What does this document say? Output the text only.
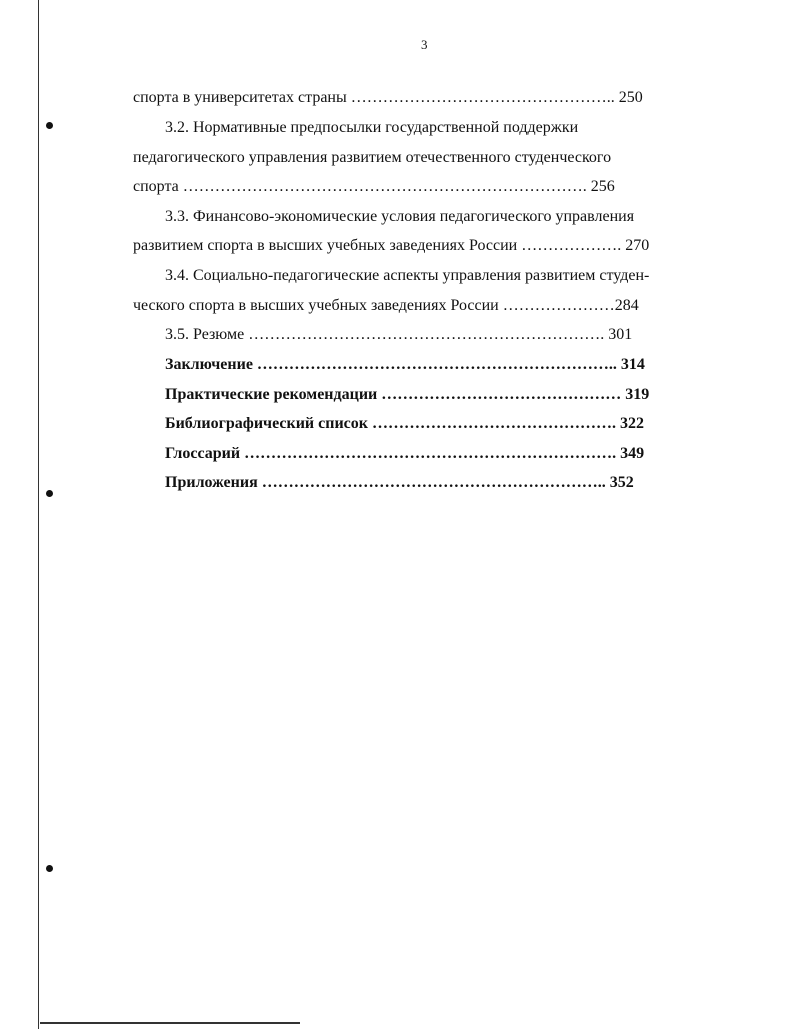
3
спорта в университетах страны ………………………………………….. 250
3.2. Нормативные предпосылки государственной поддержки
педагогического управления развитием отечественного студенческого
спорта …………………………………………………………………. 256
3.3. Финансово-экономические условия педагогического управления
развитием спорта в высших учебных заведениях России ………………. 270
3.4. Социально-педагогические аспекты управления развитием студен-
ческого спорта в высших учебных заведениях России …………………284
3.5. Резюме …………………………………………………………. 301
Заключение ………………………………………………………….. 314
Практические рекомендации ……………………………………… 319
Библиографический список ………………………………………. 322
Глоссарий ……………………………………………………………. 349
Приложения ……………………………………………………….. 352
